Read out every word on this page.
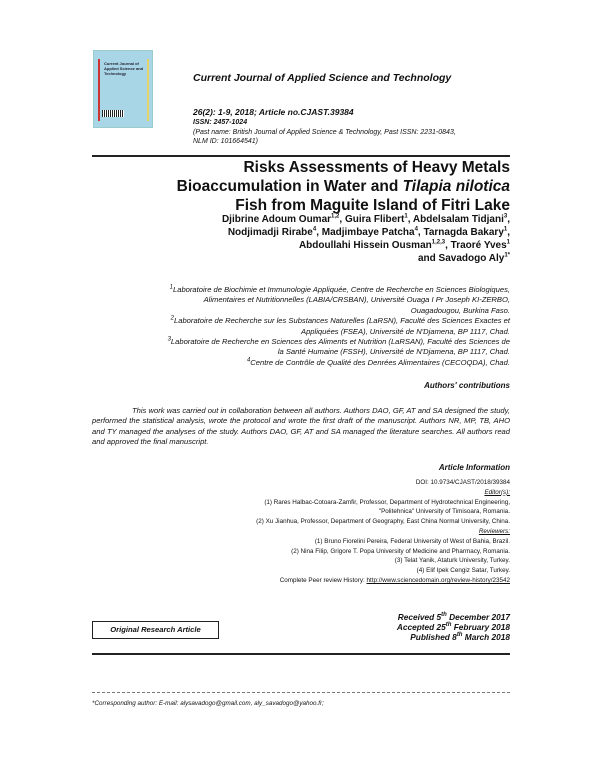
Current Journal of Applied Science and Technology	Current Journal of Applied Science and Technology
26(2): 1-9, 2018; Article no.CJAST.39384
ISSN: 2457-1024
(Past name: British Journal of Applied Science & Technology, Past ISSN: 2231-0843,
NLM ID: 101664541)
Risks Assessments of Heavy Metals
Bioaccumulation in Water and Tilapia nilotica
Fish from Maguite Island of Fitri Lake
Djibrine Adoum Oumar$^{1,2}$, Guira Flibert$^1$, Abdelsalam Tidjani$^3$,
Nodjimadji Rirabe$^4$, Madjimbaye Patcha$^4$, Tarnagda Bakary$^1$,
Abdoullahi Hissein Ousman$^{1,2,3}$, Traoré Yves$^1$
and Savadogo Aly$^{1*}$
$^1$Laboratoire de Biochimie et Immunologie Appliquée, Centre de Recherche en Sciences Biologiques,
Alimentaires et Nutritionnelles (LABIA/CRSBAN), Université Ouaga I Pr Joseph KI-ZERBO,
Ouagadougou, Burkina Faso.
$^2$Laboratoire de Recherche sur les Substances Naturelles (LaRSN), Faculté des Sciences Exactes et
Appliquées (FSEA), Université de N'Djamena, BP 1117, Chad.
$^3$Laboratoire de Recherche en Sciences des Aliments et Nutrition (LaRSAN), Faculté des Sciences de
la Santé Humaine (FSSH), Université de N'Djamena, BP 1117, Chad.
$^4$Centre de Contrôle de Qualité des Denrées Alimentaires (CECOQDA), Chad.
Authors' contributions
This work was carried out in collaboration between all authors. Authors DAO, GF, AT and SA designed the study, performed the statistical analysis, wrote the protocol and wrote the first draft of the manuscript. Authors NR, MP, TB, AHO and TY managed the analyses of the study. Authors DAO, GF, AT and SA managed the literature searches. All authors read and approved the final manuscript.
Article Information
DOI: 10.9734/CJAST/2018/39384
Editor(s):
(1) Rares Halbac-Cotoara-Zamfir, Professor, Department of Hydrotechnical Engineering,
"Politehnica" University of Timisoara, Romania.
(2) Xu Jianhua, Professor, Department of Geography, East China Normal University, China.
Reviewers:
(1) Bruno Fiorelini Pereira, Federal University of West of Bahia, Brazil.
(2) Nina Filip, Grigore T. Popa University of Medicine and Pharmacy, Romania.
(3) Telat Yanik, Ataturk University, Turkey.
(4) Elif Ipek Cengiz Satar, Turkey.
Complete Peer review History: http://www.sciencedomain.org/review-history/23542
Original Research Article
Received 5th December 2017
Accepted 25th February 2018
Published 8th March 2018
*Corresponding author: E-mail: alysavadogo@gmail.com, aly_savadogo@yahoo.fr;
